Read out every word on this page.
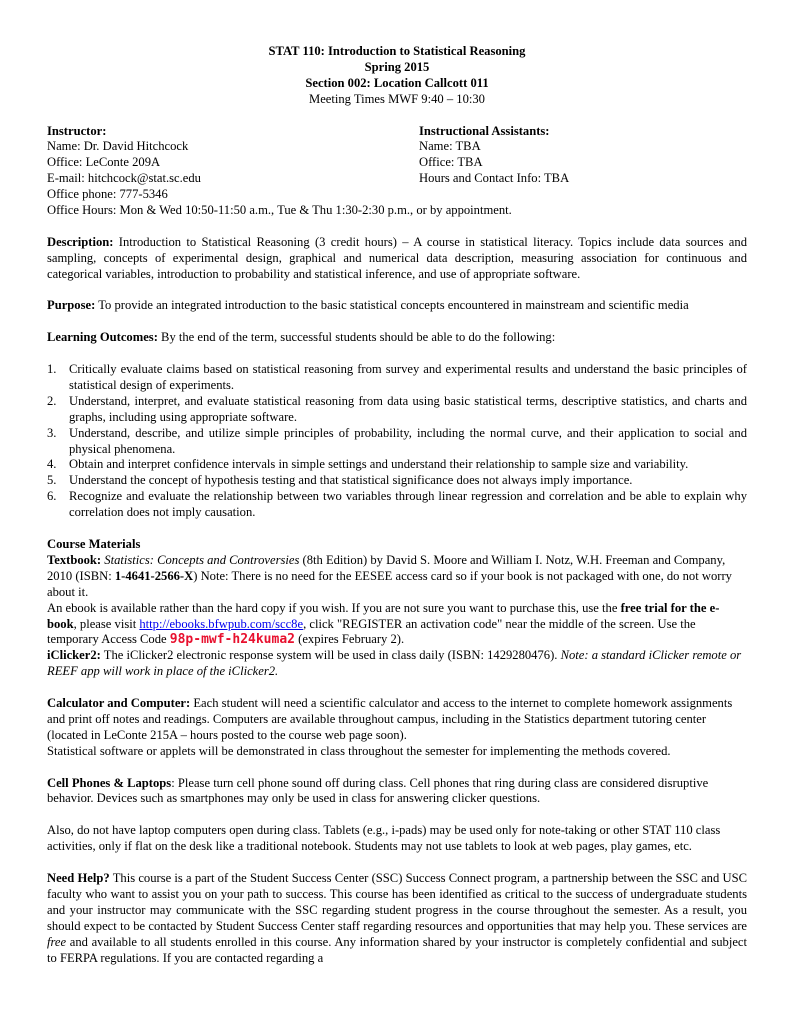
STAT 110: Introduction to Statistical Reasoning
Spring 2015
Section 002: Location Callcott 011
Meeting Times MWF 9:40 – 10:30
Instructor:
Name: Dr. David Hitchcock
Office: LeConte 209A
E-mail: hitchcock@stat.sc.edu
Office phone: 777-5346
Office Hours: Mon & Wed 10:50-11:50 a.m., Tue & Thu 1:30-2:30 p.m., or by appointment.
Instructional Assistants:
Name: TBA
Office: TBA
Hours and Contact Info: TBA

Description: Introduction to Statistical Reasoning (3 credit hours) – A course in statistical literacy. Topics include data sources and sampling, concepts of experimental design, graphical and numerical data description, measuring association for continuous and categorical variables, introduction to probability and statistical inference, and use of appropriate software.

Purpose: To provide an integrated introduction to the basic statistical concepts encountered in mainstream and scientific media

Learning Outcomes: By the end of the term, successful students should be able to do the following:

1. Critically evaluate claims based on statistical reasoning from survey and experimental results and understand the basic principles of statistical design of experiments.
2. Understand, interpret, and evaluate statistical reasoning from data using basic statistical terms, descriptive statistics, and charts and graphs, including using appropriate software.
3. Understand, describe, and utilize simple principles of probability, including the normal curve, and their application to social and physical phenomena.
4. Obtain and interpret confidence intervals in simple settings and understand their relationship to sample size and variability.
5. Understand the concept of hypothesis testing and that statistical significance does not always imply importance.
6. Recognize and evaluate the relationship between two variables through linear regression and correlation and be able to explain why correlation does not imply causation.
Course Materials

Textbook: Statistics: Concepts and Controversies (8th Edition) by David S. Moore and William I. Notz, W.H. Freeman and Company, 2010 (ISBN: 1-4641-2566-X) Note: There is no need for the EESEE access card so if your book is not packaged with one, do not worry about it.

An ebook is available rather than the hard copy if you wish. If you are not sure you want to purchase this, use the free trial for the e-book, please visit http://ebooks.bfwpub.com/scc8e, click "REGISTER an activation code" near the middle of the screen. Use the temporary Access Code 98p-mwf-h24kuma2 (expires February 2).

iClicker2: The iClicker2 electronic response system will be used in class daily (ISBN: 1429280476). Note: a standard iClicker remote or REEF app will work in place of the iClicker2.

Calculator and Computer: Each student will need a scientific calculator and access to the internet to complete homework assignments and print off notes and readings. Computers are available throughout campus, including in the Statistics department tutoring center (located in LeConte 215A – hours posted to the course web page soon).

Statistical software or applets will be demonstrated in class throughout the semester for implementing the methods covered.

Cell Phones & Laptops: Please turn cell phone sound off during class. Cell phones that ring during class are considered disruptive behavior. Devices such as smartphones may only be used in class for answering clicker questions.

Also, do not have laptop computers open during class. Tablets (e.g., i-pads) may be used only for note-taking or other STAT 110 class activities, only if flat on the desk like a traditional notebook. Students may not use tablets to look at web pages, play games, etc.

Need Help? This course is a part of the Student Success Center (SSC) Success Connect program, a partnership between the SSC and USC faculty who want to assist you on your path to success. This course has been identified as critical to the success of undergraduate students and your instructor may communicate with the SSC regarding student progress in the course throughout the semester. As a result, you should expect to be contacted by Student Success Center staff regarding resources and opportunities that may help you. These services are free and available to all students enrolled in this course. Any information shared by your instructor is completely confidential and subject to FERPA regulations. If you are contacted regarding a
